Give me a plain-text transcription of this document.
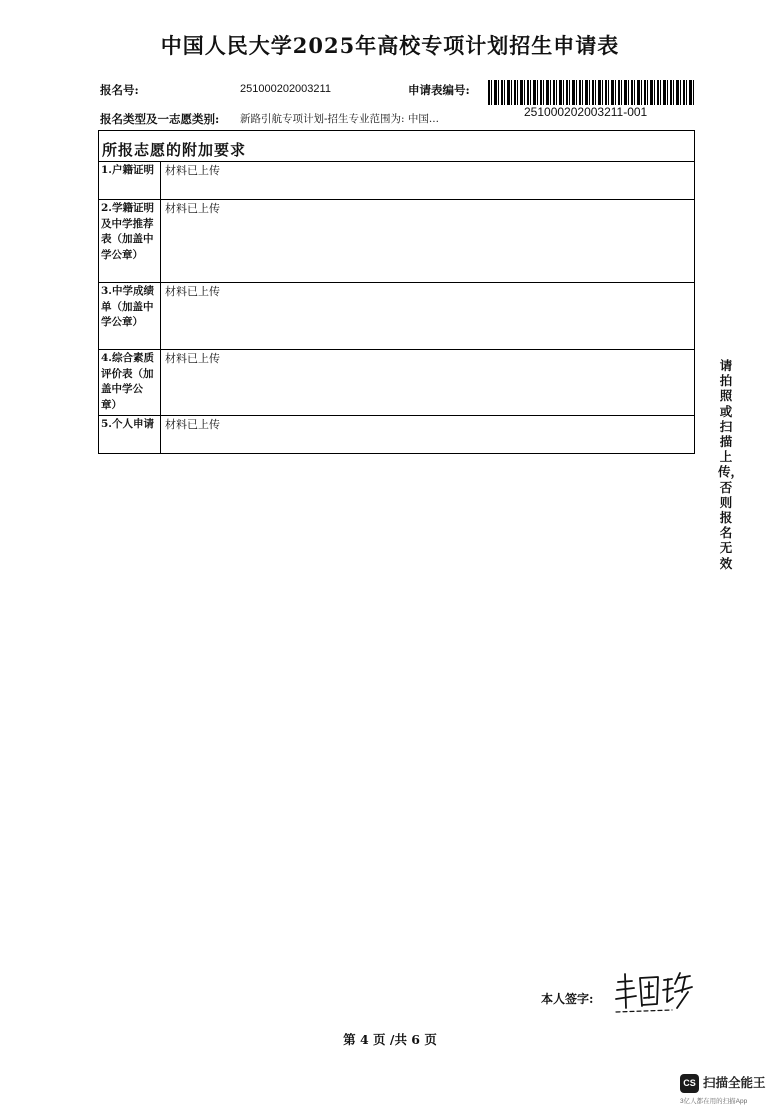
中国人民大学2025年高校专项计划招生申请表
报名号:	251000202003211	申请表编号:
251000202003211-001
报名类型及一志愿类别: 新路引航专项计划-招生专业范围为: 中国...
所报志愿的附加要求
1.户籍证明	材料已上传
2.学籍证明及中学推荐表（加盖中学公章）
材料已上传
3.中学成绩单（加盖中学公章）
材料已上传
4.综合素质评价表（加盖中学公章）
材料已上传
5.个人申请	材料已上传
请拍照或扫描上传，否则报名无效
本人签字:
第 4 页 /共 6 页
CS 扫描全能王
3亿人都在用的扫描App
